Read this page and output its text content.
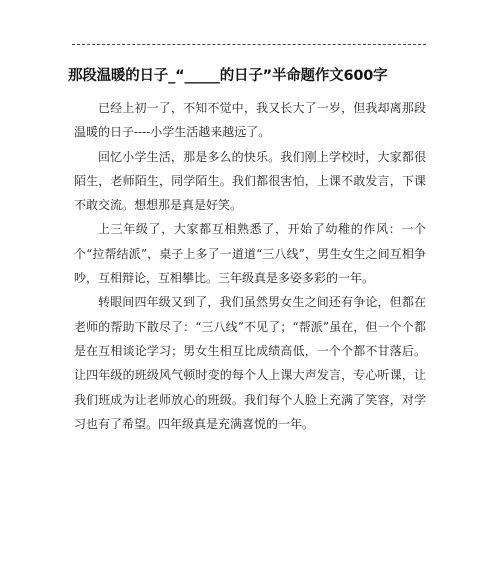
那段温暖的日子_“_____的日子”半命题作文600字

已经上初一了，不知不觉中，我又长大了一岁，但我却离那段温暖的日子----小学生活越来越远了。

回忆小学生活，那是多么的快乐。我们刚上学校时，大家都很陌生，老师陌生，同学陌生。我们都很害怕，上课不敢发言，下课不敢交流。想想那是真是好笑。

上三年级了，大家都互相熟悉了，开始了幼稚的作风：一个个“拉帮结派”，桌子上多了一道道“三八线”，男生女生之间互相争吵，互相辩论，互相攀比。三年级真是多姿多彩的一年。

转眼间四年级又到了，我们虽然男女生之间还有争论，但都在老师的帮助下散尽了：“三八线”不见了；“帮派”虽在，但一个个都是在互相谈论学习；男女生相互比成绩高低，一个个都不甘落后。让四年级的班级风气顿时变的每个人上课大声发言，专心听课，让我们班成为让老师放心的班级。我们每个人脸上充满了笑容，对学习也有了希望。四年级真是充满喜悦的一年。
